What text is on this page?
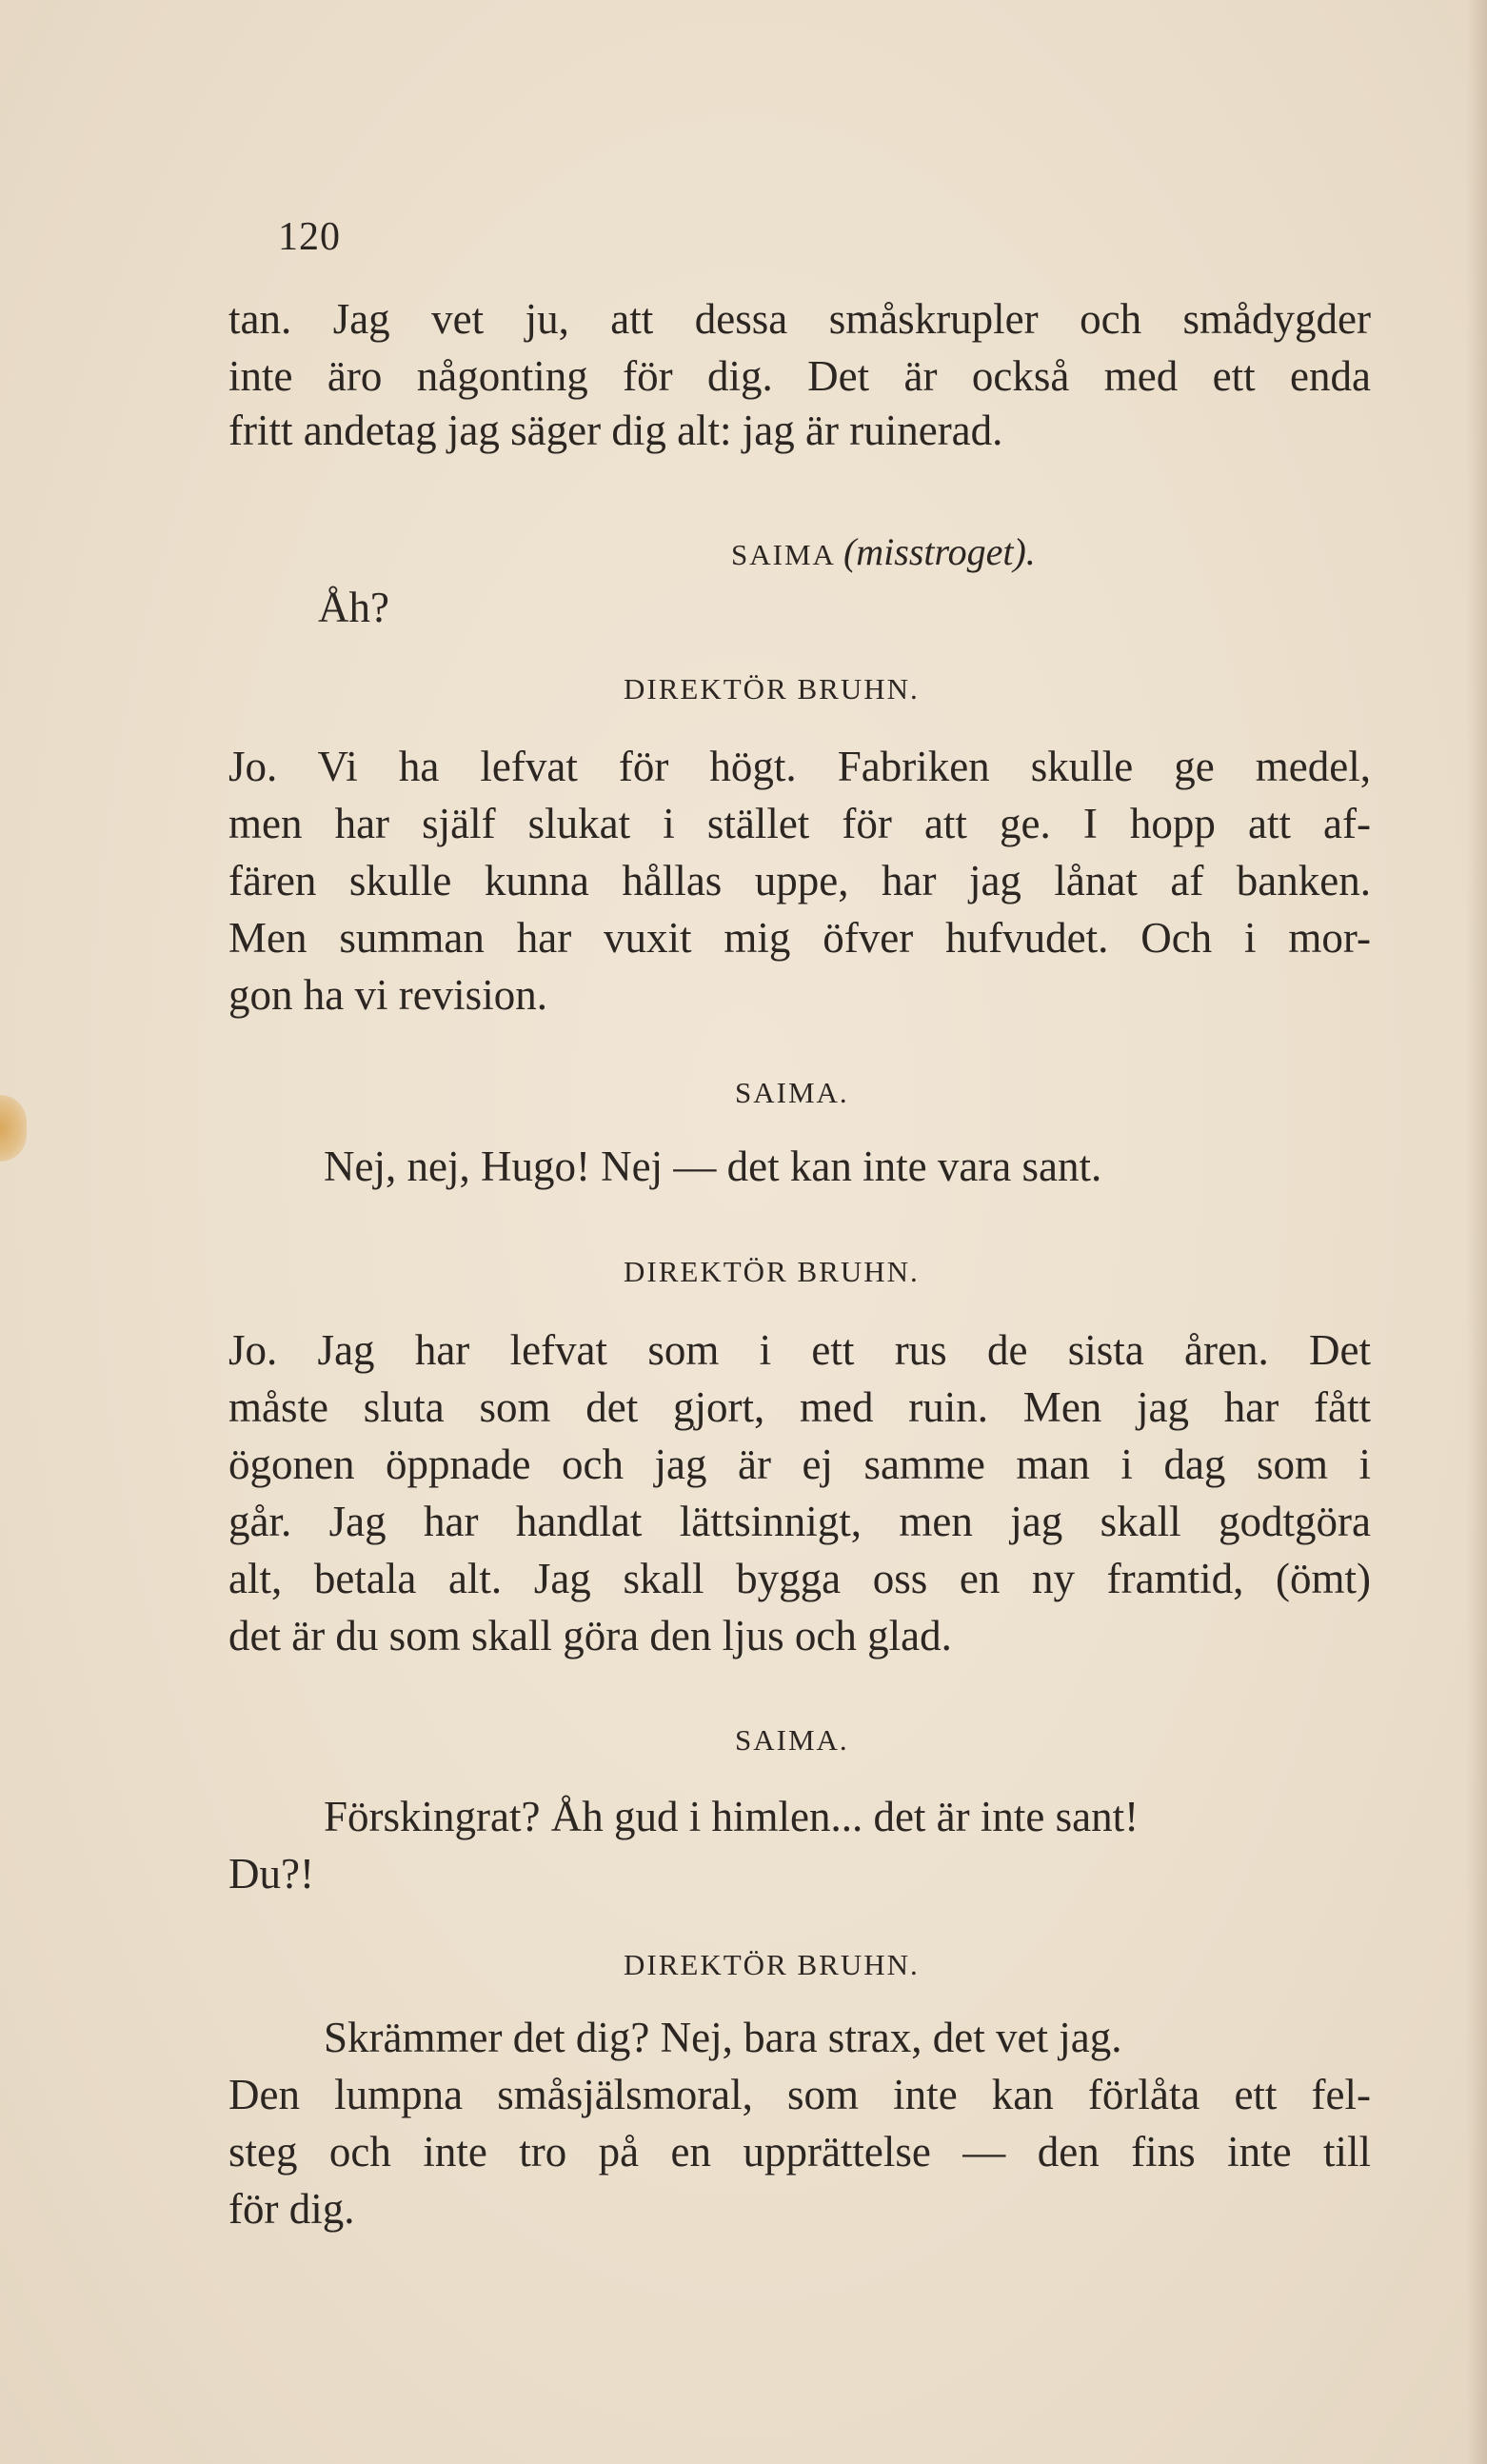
120
tan. Jag vet ju, att dessa småskrupler och smådygder
inte äro någonting för dig. Det är också med ett enda
fritt andetag jag säger dig alt: jag är ruinerad.
SAIMA (misstroget).
Åh?
DIREKTÖR BRUHN.
Jo. Vi ha lefvat för högt. Fabriken skulle ge medel,
men har själf slukat i stället för att ge. I hopp att af-
fären skulle kunna hållas uppe, har jag lånat af banken.
Men summan har vuxit mig öfver hufvudet. Och i mor-
gon ha vi revision.
SAIMA.
Nej, nej, Hugo! Nej — det kan inte vara sant.
DIREKTÖR BRUHN.
Jo. Jag har lefvat som i ett rus de sista åren. Det
måste sluta som det gjort, med ruin. Men jag har fått
ögonen öppnade och jag är ej samme man i dag som i
går. Jag har handlat lättsinnigt, men jag skall godtgöra
alt, betala alt. Jag skall bygga oss en ny framtid, (ömt)
det är du som skall göra den ljus och glad.
SAIMA.
Förskingrat? Åh gud i himlen... det är inte sant!
Du?!
DIREKTÖR BRUHN.
Skrämmer det dig? Nej, bara strax, det vet jag.
Den lumpna småsjälsmoral, som inte kan förlåta ett fel-
steg och inte tro på en upprättelse — den fins inte till
för dig.
